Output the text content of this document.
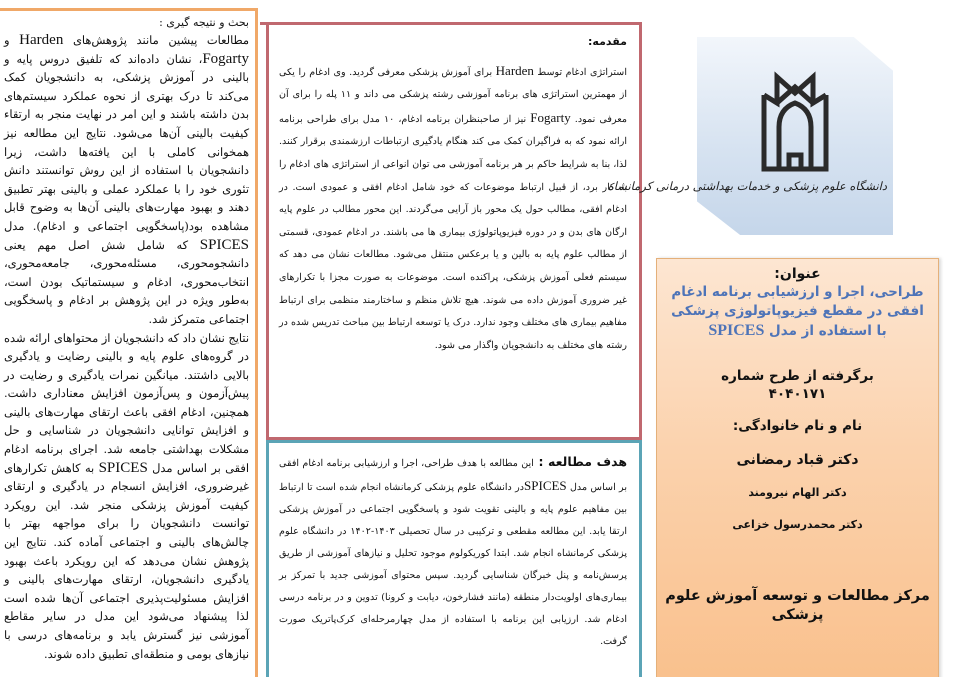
بحث و نتیجه گیری :

مطالعات پیشین مانند پژوهش‌های Harden و Fogarty، نشان داده‌اند که تلفیق دروس پایه و بالینی در آموزش پزشکی، به دانشجویان کمک می‌کند تا درک بهتری از نحوه عملکرد سیستم‌های بدن داشته باشند و این امر در نهایت منجر به ارتقاء کیفیت بالینی آن‌ها می‌شود. نتایج این مطالعه نیز همخوانی کاملی با این یافته‌ها داشت، زیرا دانشجویان با استفاده از این روش توانستند دانش تئوری خود را با عملکرد عملی و بالینی بهتر تطبیق دهند و بهبود مهارت‌های بالینی آن‌ها به وضوح قابل مشاهده بود(پاسخگویی اجتماعی و ادغام). مدل SPICES که شامل شش اصل مهم یعنی دانشجومحوری، مسئله‌محوری، جامعه‌محوری، انتخاب‌محوری، ادغام و سیستماتیک بودن است، به‌طور ویژه در این پژوهش بر ادغام و پاسخگویی اجتماعی متمرکز شد.

نتایج نشان داد که دانشجویان از محتواهای ارائه شده در گروه‌های علوم پایه و بالینی رضایت و یادگیری بالایی داشتند. میانگین نمرات یادگیری و رضایت در پیش‌آزمون و پس‌آزمون افزایش معناداری داشت. همچنین، ادغام افقی باعث ارتقای مهارت‌های بالینی و افزایش توانایی دانشجویان در شناسایی و حل مشکلات بهداشتی جامعه شد. اجرای برنامه ادغام افقی بر اساس مدل SPICES به کاهش تکرارهای غیرضروری، افزایش انسجام در یادگیری و ارتقای کیفیت آموزش پزشکی منجر شد. این رویکرد توانست دانشجویان را برای مواجهه بهتر با چالش‌های بالینی و اجتماعی آماده کند. نتایج این پژوهش نشان می‌دهد که این رویکرد باعث بهبود یادگیری دانشجویان، ارتقای مهارت‌های بالینی و افزایش مسئولیت‌پذیری اجتماعی آن‌ها شده است لذا پیشنهاد می‌شود این مدل در سایر مقاطع آموزشی نیز گسترش یابد و برنامه‌های درسی با نیازهای بومی و منطقه‌ای تطبیق داده شوند.

مقدمه:

استراتژی ادغام توسط Harden برای آموزش پزشکی معرفی گردید. وی ادغام را یکی از مهمترین استراتژی های برنامه آموزشی رشته پزشکی می داند و ۱۱ پله را برای آن معرفی نمود. Fogarty نیز از صاحبنظران برنامه ادغام، ۱۰ مدل برای طراحی برنامه ارائه نمود که به فراگیران کمک می کند هنگام یادگیری ارتباطات ارزشمندی برقرار کنند. لذا، بنا به شرایط حاکم بر هر برنامه آموزشی می توان انواعی از استراتژی های ادغام را به کار برد، از قبیل ارتباط موضوعات که خود شامل ادغام افقی و عمودی است. در ادغام افقی، مطالب حول یک محور باز آرایی می‌گردند. این محور مطالب در علوم پایه ارگان های بدن و در دوره فیزیوپاتولوژی بیماری ها می باشند. در ادغام عمودی، قسمتی از مطالب علوم پایه به بالین و یا برعکس منتقل می‌شود. مطالعات نشان می دهد که سیستم فعلی آموزش پزشکی، پراکنده است. موضوعات به صورت مجزا با تکرارهای غیر ضروری آموزش داده می شوند. هیچ تلاش منظم و ساختارمند منظمی برای ارتباط مفاهیم بیماری های مختلف وجود ندارد. درک یا توسعه ارتباط بین مباحث تدریس شده در رشته های مختلف به دانشجویان واگذار می شود.

هدف مطالعه : این مطالعه با هدف طراحی، اجرا و ارزشیابی برنامه ادغام افقی بر اساس مدل SPICESدر دانشگاه علوم پزشکی کرمانشاه انجام شده است تا ارتباط بین مفاهیم علوم پایه و بالینی تقویت شود و پاسخگویی اجتماعی در آموزش پزشکی ارتقا یابد. این مطالعه مقطعی و ترکیبی در سال تحصیلی ۱۴۰۳-۱۴۰۲ در دانشگاه علوم پزشکی کرمانشاه انجام شد. ابتدا کوریکولوم موجود تحلیل و نیازهای آموزشی از طریق پرسش‌نامه و پنل خبرگان شناسایی گردید. سپس محتوای آموزشی جدید با تمرکز بر بیماری‌های اولویت‌دار منطقه (مانند فشارخون، دیابت و کرونا) تدوین و در برنامه درسی ادغام شد. ارزیابی این برنامه با استفاده از مدل چهارمرحله‌ای کرک‌پاتریک صورت گرفت.
دانشگاه علوم پزشکی و خدمات بهداشتی درمانی کرمانشاه
عنوان:
طراحی، اجرا و ارزشیابی برنامه ادغام افقی در مقطع فیزیوپاتولوژی پزشکی با استفاده از مدل SPICES
برگرفته از طرح شماره
۴۰۴۰۱۷۱
نام و نام خانوادگی:
دکتر قباد رمضانی
دکتر الهام نیرومند
دکتر محمدرسول خزاعی
مرکز مطالعات و توسعه آموزش علوم پزشکی
